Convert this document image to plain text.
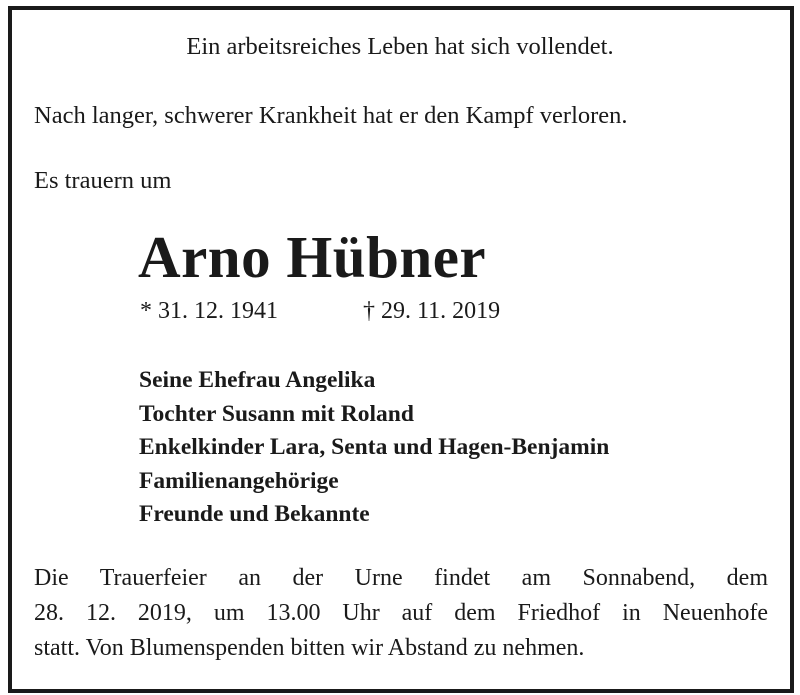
Ein arbeitsreiches Leben hat sich vollendet.
Nach langer, schwerer Krankheit hat er den Kampf verloren.
Es trauern um
Arno Hübner
* 31. 12. 1941	† 29. 11. 2019
Seine Ehefrau Angelika
Tochter Susann mit Roland
Enkelkinder Lara, Senta und Hagen-Benjamin
Familienangehörige
Freunde und Bekannte
Die Trauerfeier an der Urne findet am Sonnabend, dem
28. 12. 2019, um 13.00 Uhr auf dem Friedhof in Neuenhofe
statt. Von Blumenspenden bitten wir Abstand zu nehmen.
